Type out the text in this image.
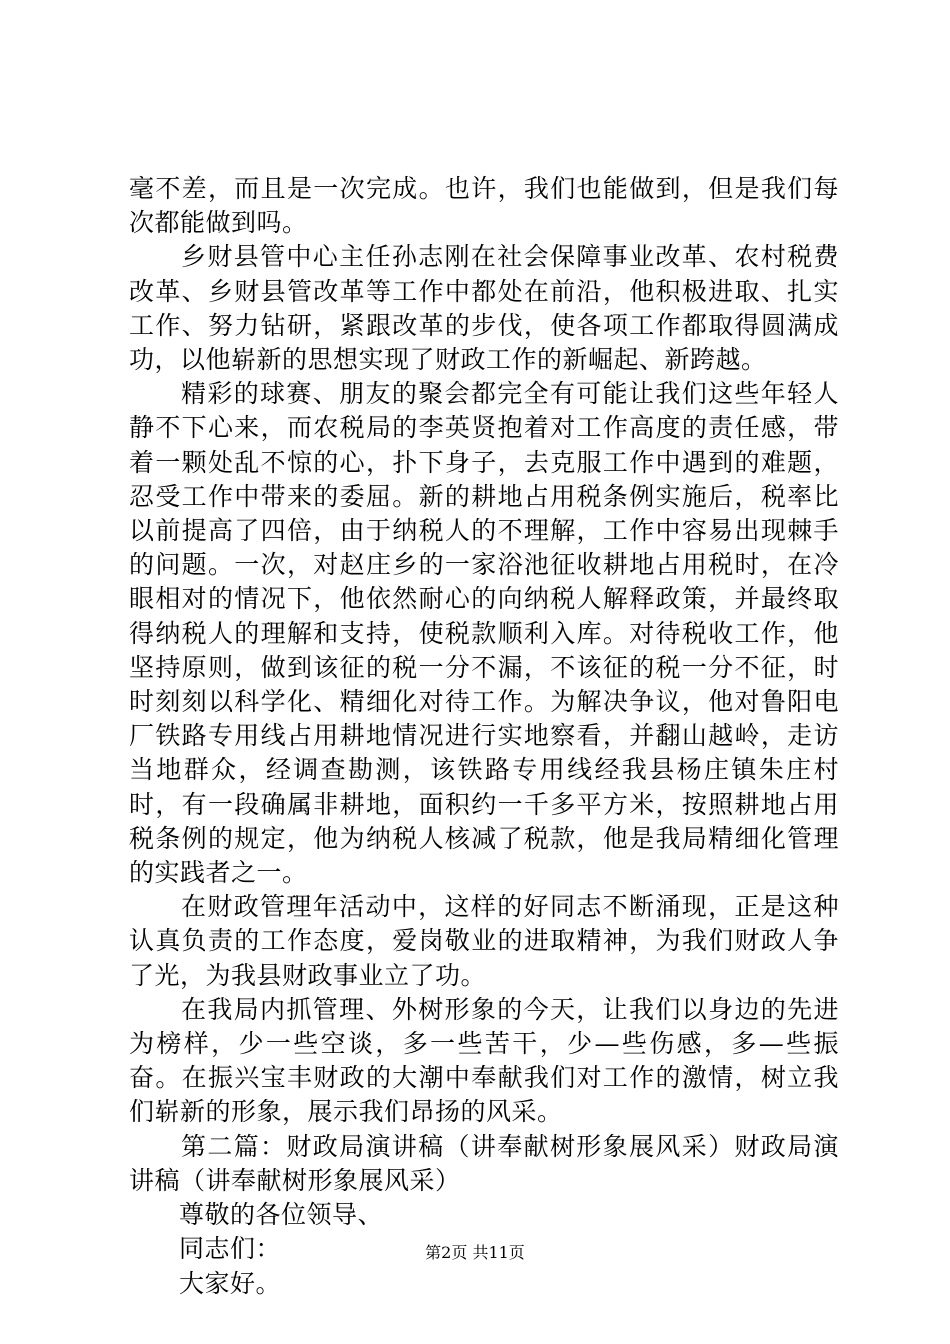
毫不差，而且是一次完成。也许，我们也能做到，但是我们每次都能做到吗。

乡财县管中心主任孙志刚在社会保障事业改革、农村税费改革、乡财县管改革等工作中都处在前沿，他积极进取、扎实工作、努力钻研，紧跟改革的步伐，使各项工作都取得圆满成功，以他崭新的思想实现了财政工作的新崛起、新跨越。

精彩的球赛、朋友的聚会都完全有可能让我们这些年轻人静不下心来，而农税局的李英贤抱着对工作高度的责任感，带着一颗处乱不惊的心，扑下身子，去克服工作中遇到的难题，忍受工作中带来的委屈。新的耕地占用税条例实施后，税率比以前提高了四倍，由于纳税人的不理解，工作中容易出现棘手的问题。一次，对赵庄乡的一家浴池征收耕地占用税时，在冷眼相对的情况下，他依然耐心的向纳税人解释政策，并最终取得纳税人的理解和支持，使税款顺利入库。对待税收工作，他坚持原则，做到该征的税一分不漏，不该征的税一分不征，时时刻刻以科学化、精细化对待工作。为解决争议，他对鲁阳电厂铁路专用线占用耕地情况进行实地察看，并翻山越岭，走访当地群众，经调查勘测，该铁路专用线经我县杨庄镇朱庄村时，有一段确属非耕地，面积约一千多平方米，按照耕地占用税条例的规定，他为纳税人核减了税款，他是我局精细化管理的实践者之一。

在财政管理年活动中，这样的好同志不断涌现，正是这种认真负责的工作态度，爱岗敬业的进取精神，为我们财政人争了光，为我县财政事业立了功。

在我局内抓管理、外树形象的今天，让我们以身边的先进为榜样，少一些空谈，多一些苦干，少—些伤感，多—些振奋。在振兴宝丰财政的大潮中奉献我们对工作的激情，树立我们崭新的形象，展示我们昂扬的风采。

第二篇：财政局演讲稿（讲奉献树形象展风采）财政局演讲稿（讲奉献树形象展风采）

尊敬的各位领导、

同志们：

大家好。

第2页 共11页
